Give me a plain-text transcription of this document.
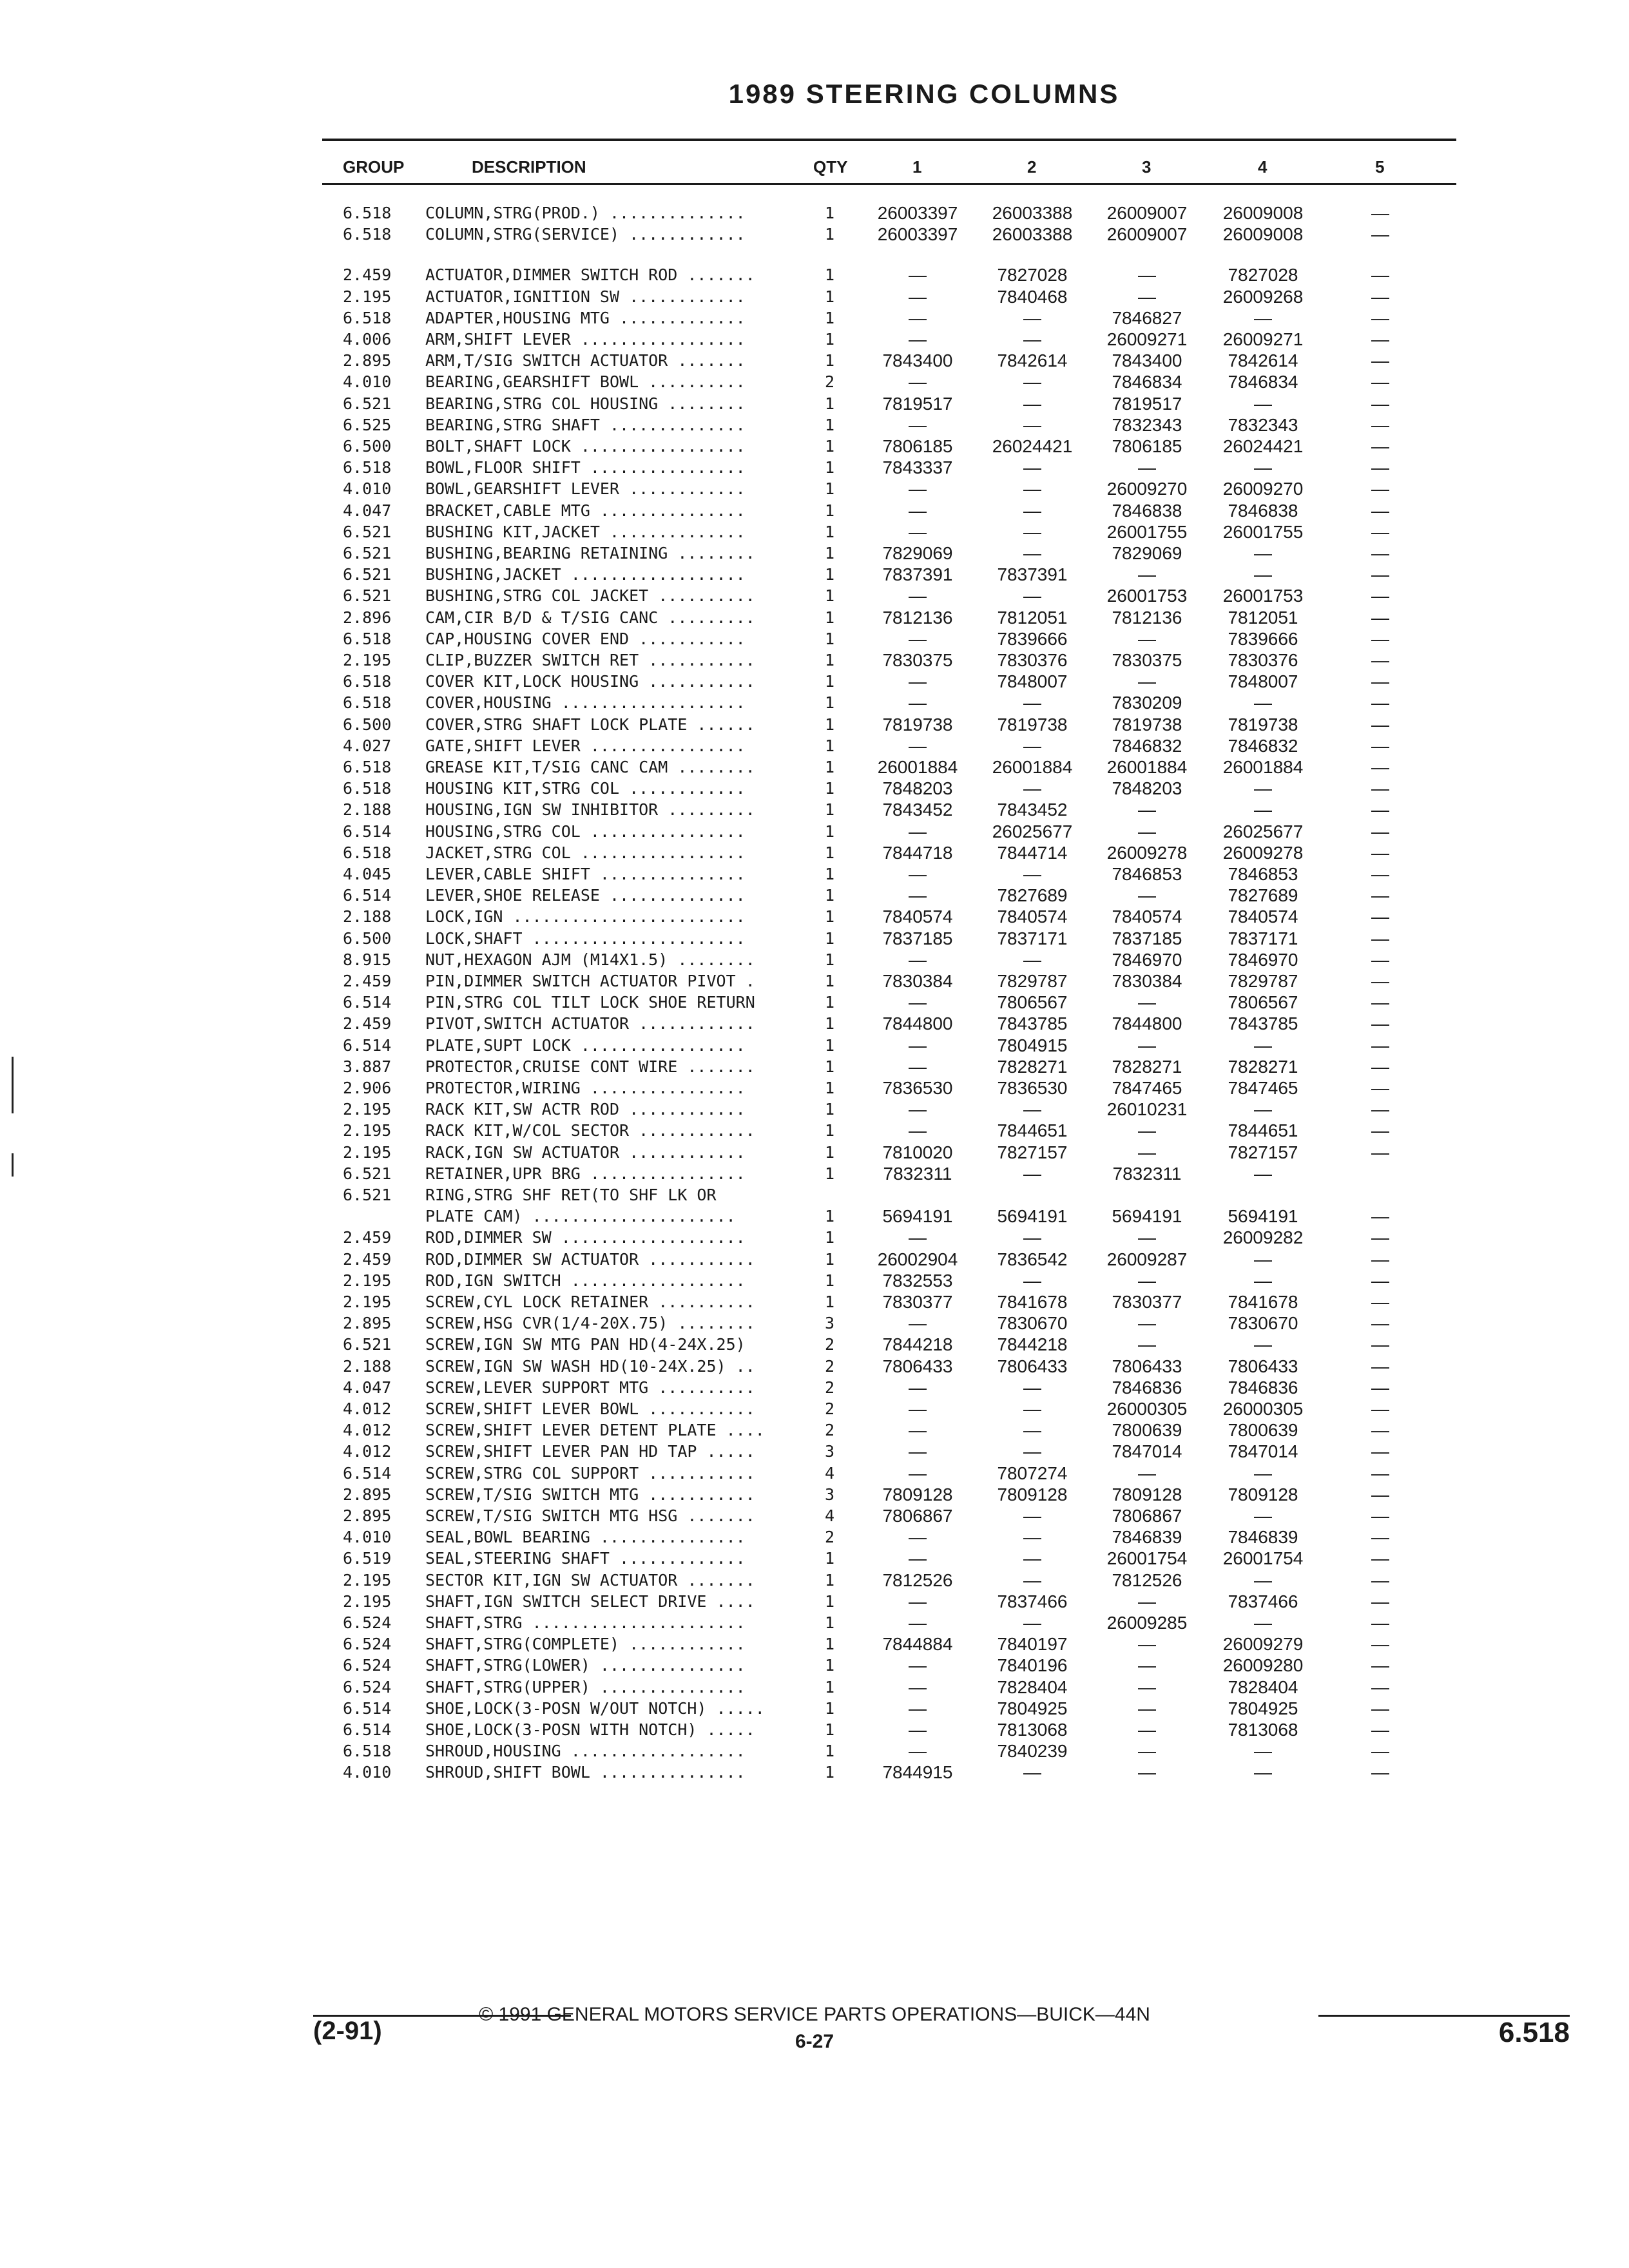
1989 STEERING COLUMNS
GROUP	DESCRIPTION	QTY	1	2	3	4	5
6.518 COLUMN,STRG(PROD.) ..............	1	26003397	26003388	26009007	26009008	—
6.518 COLUMN,STRG(SERVICE) ............	1	26003397	26003388	26009007	26009008	—
2.459 ACTUATOR,DIMMER SWITCH ROD .......	1	—	7827028	—	7827028	—
2.195 ACTUATOR,IGNITION SW ............	1	—	7840468	—	26009268	—
6.518 ADAPTER,HOUSING MTG .............	1	—	—	7846827	—	—
4.006 ARM,SHIFT LEVER .................	1	—	—	26009271	26009271	—
2.895 ARM,T/SIG SWITCH ACTUATOR .......	1	7843400	7842614	7843400	7842614	—
4.010 BEARING,GEARSHIFT BOWL ..........	2	—	—	7846834	7846834	—
6.521 BEARING,STRG COL HOUSING ........	1	7819517	—	7819517	—	—
6.525 BEARING,STRG SHAFT ..............	1	—	—	7832343	7832343	—
6.500 BOLT,SHAFT LOCK .................	1	7806185	26024421	7806185	26024421	—
6.518 BOWL,FLOOR SHIFT ................	1	7843337	—	—	—	—
4.010 BOWL,GEARSHIFT LEVER ............	1	—	—	26009270	26009270	—
4.047 BRACKET,CABLE MTG ...............	1	—	—	7846838	7846838	—
6.521 BUSHING KIT,JACKET ..............	1	—	—	26001755	26001755	—
6.521 BUSHING,BEARING RETAINING ........	1	7829069	—	7829069	—	—
6.521 BUSHING,JACKET ..................	1	7837391	7837391	—	—	—
6.521 BUSHING,STRG COL JACKET ..........	1	—	—	26001753	26001753	—
2.896 CAM,CIR B/D & T/SIG CANC .........	1	7812136	7812051	7812136	7812051	—
6.518 CAP,HOUSING COVER END ...........	1	—	7839666	—	7839666	—
2.195 CLIP,BUZZER SWITCH RET ...........	1	7830375	7830376	7830375	7830376	—
6.518 COVER KIT,LOCK HOUSING ...........	1	—	7848007	—	7848007	—
6.518 COVER,HOUSING ...................	1	—	—	7830209	—	—
6.500 COVER,STRG SHAFT LOCK PLATE ......	1	7819738	7819738	7819738	7819738	—
4.027 GATE,SHIFT LEVER ................	1	—	—	7846832	7846832	—
6.518 GREASE KIT,T/SIG CANC CAM ........	1	26001884	26001884	26001884	26001884	—
6.518 HOUSING KIT,STRG COL ............	1	7848203	—	7848203	—	—
2.188 HOUSING,IGN SW INHIBITOR .........	1	7843452	7843452	—	—	—
6.514 HOUSING,STRG COL ................	1	—	26025677	—	26025677	—
6.518 JACKET,STRG COL .................	1	7844718	7844714	26009278	26009278	—
4.045 LEVER,CABLE SHIFT ...............	1	—	—	7846853	7846853	—
6.514 LEVER,SHOE RELEASE ..............	1	—	7827689	—	7827689	—
2.188 LOCK,IGN ........................	1	7840574	7840574	7840574	7840574	—
6.500 LOCK,SHAFT ......................	1	7837185	7837171	7837185	7837171	—
8.915 NUT,HEXAGON AJM (M14X1.5) ........	1	—	—	7846970	7846970	—
2.459 PIN,DIMMER SWITCH ACTUATOR PIVOT .	1	7830384	7829787	7830384	7829787	—
6.514 PIN,STRG COL TILT LOCK SHOE RETURN	1	—	7806567	—	7806567	—
2.459 PIVOT,SWITCH ACTUATOR ............	1	7844800	7843785	7844800	7843785	—
6.514 PLATE,SUPT LOCK .................	1	—	7804915	—	—	—
3.887 PROTECTOR,CRUISE CONT WIRE .......	1	—	7828271	7828271	7828271	—
2.906 PROTECTOR,WIRING ................	1	7836530	7836530	7847465	7847465	—
2.195 RACK KIT,SW ACTR ROD ............	1	—	—	26010231	—	—
2.195 RACK KIT,W/COL SECTOR ............	1	—	7844651	—	7844651	—
2.195 RACK,IGN SW ACTUATOR ............	1	7810020	7827157	—	7827157	—
6.521 RETAINER,UPR BRG ................	1	7832311	—	7832311	—
6.521 RING,STRG SHF RET(TO SHF LK OR
PLATE CAM) .....................	1	5694191	5694191	5694191	5694191	—
2.459 ROD,DIMMER SW ...................	1	—	—	—	26009282	—
2.459 ROD,DIMMER SW ACTUATOR ...........	1	26002904	7836542	26009287	—	—
2.195 ROD,IGN SWITCH ..................	1	7832553	—	—	—	—
2.195 SCREW,CYL LOCK RETAINER ..........	1	7830377	7841678	7830377	7841678	—
2.895 SCREW,HSG CVR(1/4-20X.75) ........	3	—	7830670	—	7830670	—
6.521 SCREW,IGN SW MTG PAN HD(4-24X.25)	2	7844218	7844218	—	—	—
2.188 SCREW,IGN SW WASH HD(10-24X.25) ..	2	7806433	7806433	7806433	7806433	—
4.047 SCREW,LEVER SUPPORT MTG ..........	2	—	—	7846836	7846836	—
4.012 SCREW,SHIFT LEVER BOWL ...........	2	—	—	26000305	26000305	—
4.012 SCREW,SHIFT LEVER DETENT PLATE ....	2	—	—	7800639	7800639	—
4.012 SCREW,SHIFT LEVER PAN HD TAP .....	3	—	—	7847014	7847014	—
6.514 SCREW,STRG COL SUPPORT ...........	4	—	7807274	—	—	—
2.895 SCREW,T/SIG SWITCH MTG ...........	3	7809128	7809128	7809128	7809128	—
2.895 SCREW,T/SIG SWITCH MTG HSG .......	4	7806867	—	7806867	—	—
4.010 SEAL,BOWL BEARING ...............	2	—	—	7846839	7846839	—
6.519 SEAL,STEERING SHAFT .............	1	—	—	26001754	26001754	—
2.195 SECTOR KIT,IGN SW ACTUATOR .......	1	7812526	—	7812526	—	—
2.195 SHAFT,IGN SWITCH SELECT DRIVE ....	1	—	7837466	—	7837466	—
6.524 SHAFT,STRG ......................	1	—	—	26009285	—	—
6.524 SHAFT,STRG(COMPLETE) ............	1	7844884	7840197	—	26009279	—
6.524 SHAFT,STRG(LOWER) ...............	1	—	7840196	—	26009280	—
6.524 SHAFT,STRG(UPPER) ...............	1	—	7828404	—	7828404	—
6.514 SHOE,LOCK(3-POSN W/OUT NOTCH) .....	1	—	7804925	—	7804925	—
6.514 SHOE,LOCK(3-POSN WITH NOTCH) .....	1	—	7813068	—	7813068	—
6.518 SHROUD,HOUSING ..................	1	—	7840239	—	—	—
4.010 SHROUD,SHIFT BOWL ...............	1	7844915	—	—	—	—
© 1991 GENERAL MOTORS SERVICE PARTS OPERATIONS—BUICK—44N
6-27
(2-91)	6.518
